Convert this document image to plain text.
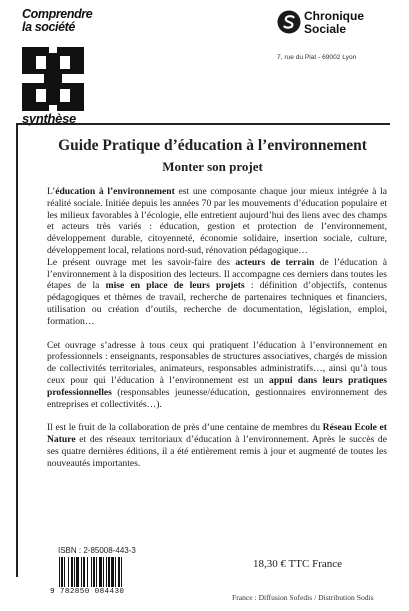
Comprendre
la société
synthèse
Chronique
Sociale
7, rue du Plat - 69002 Lyon
Guide Pratique d’éducation à l’environnement
Monter son projet

L’éducation à l’environnement est une composante chaque jour mieux intégrée à la réalité sociale. Initiée depuis les années 70 par les mouvements d’éducation populaire et les milieux favorables à l’écologie, elle entretient aujourd’hui des liens avec des champs et acteurs très variés : éducation, gestion et protection de l’environnement, développement durable, citoyenneté, économie solidaire, insertion sociale, culture, développement local, relations nord-sud, rénovation pédagogique…
Le présent ouvrage met les savoir-faire des acteurs de terrain de l’éducation à l’environnement à la disposition des lecteurs. Il accompagne ces derniers dans toutes les étapes de la mise en place de leurs projets : définition d’objectifs, contenus pédagogiques et thèmes de travail, recherche de partenaires techniques et financiers, utilisation ou création d’outils, recherche de documentation, législation, emploi, formation…

Cet ouvrage s’adresse à tous ceux qui pratiquent l’éducation à l’environnement en professionnels : enseignants, responsables de structures associatives, chargés de mission de collectivités territoriales, animateurs, responsables administratifs…, ainsi qu’à tous ceux pour qui l’éducation à l’environnement est un appui dans leurs pratiques professionnelles (responsables jeunesse/éducation, gestionnaires environnement des entreprises et collectivités…).

Il est le fruit de la collaboration de près d’une centaine de membres du Réseau Ecole et Nature et des réseaux territoriaux d’éducation à l’environnement. Après le succès de ses quatre dernières éditions, il a été entièrement remis à jour et augmenté de toutes les nouveautés importantes.

ISBN : 2-85008-443-3
9 782850 084430
18,30 € TTC France
France : Diffusion Sofedis / Distribution Sodis
